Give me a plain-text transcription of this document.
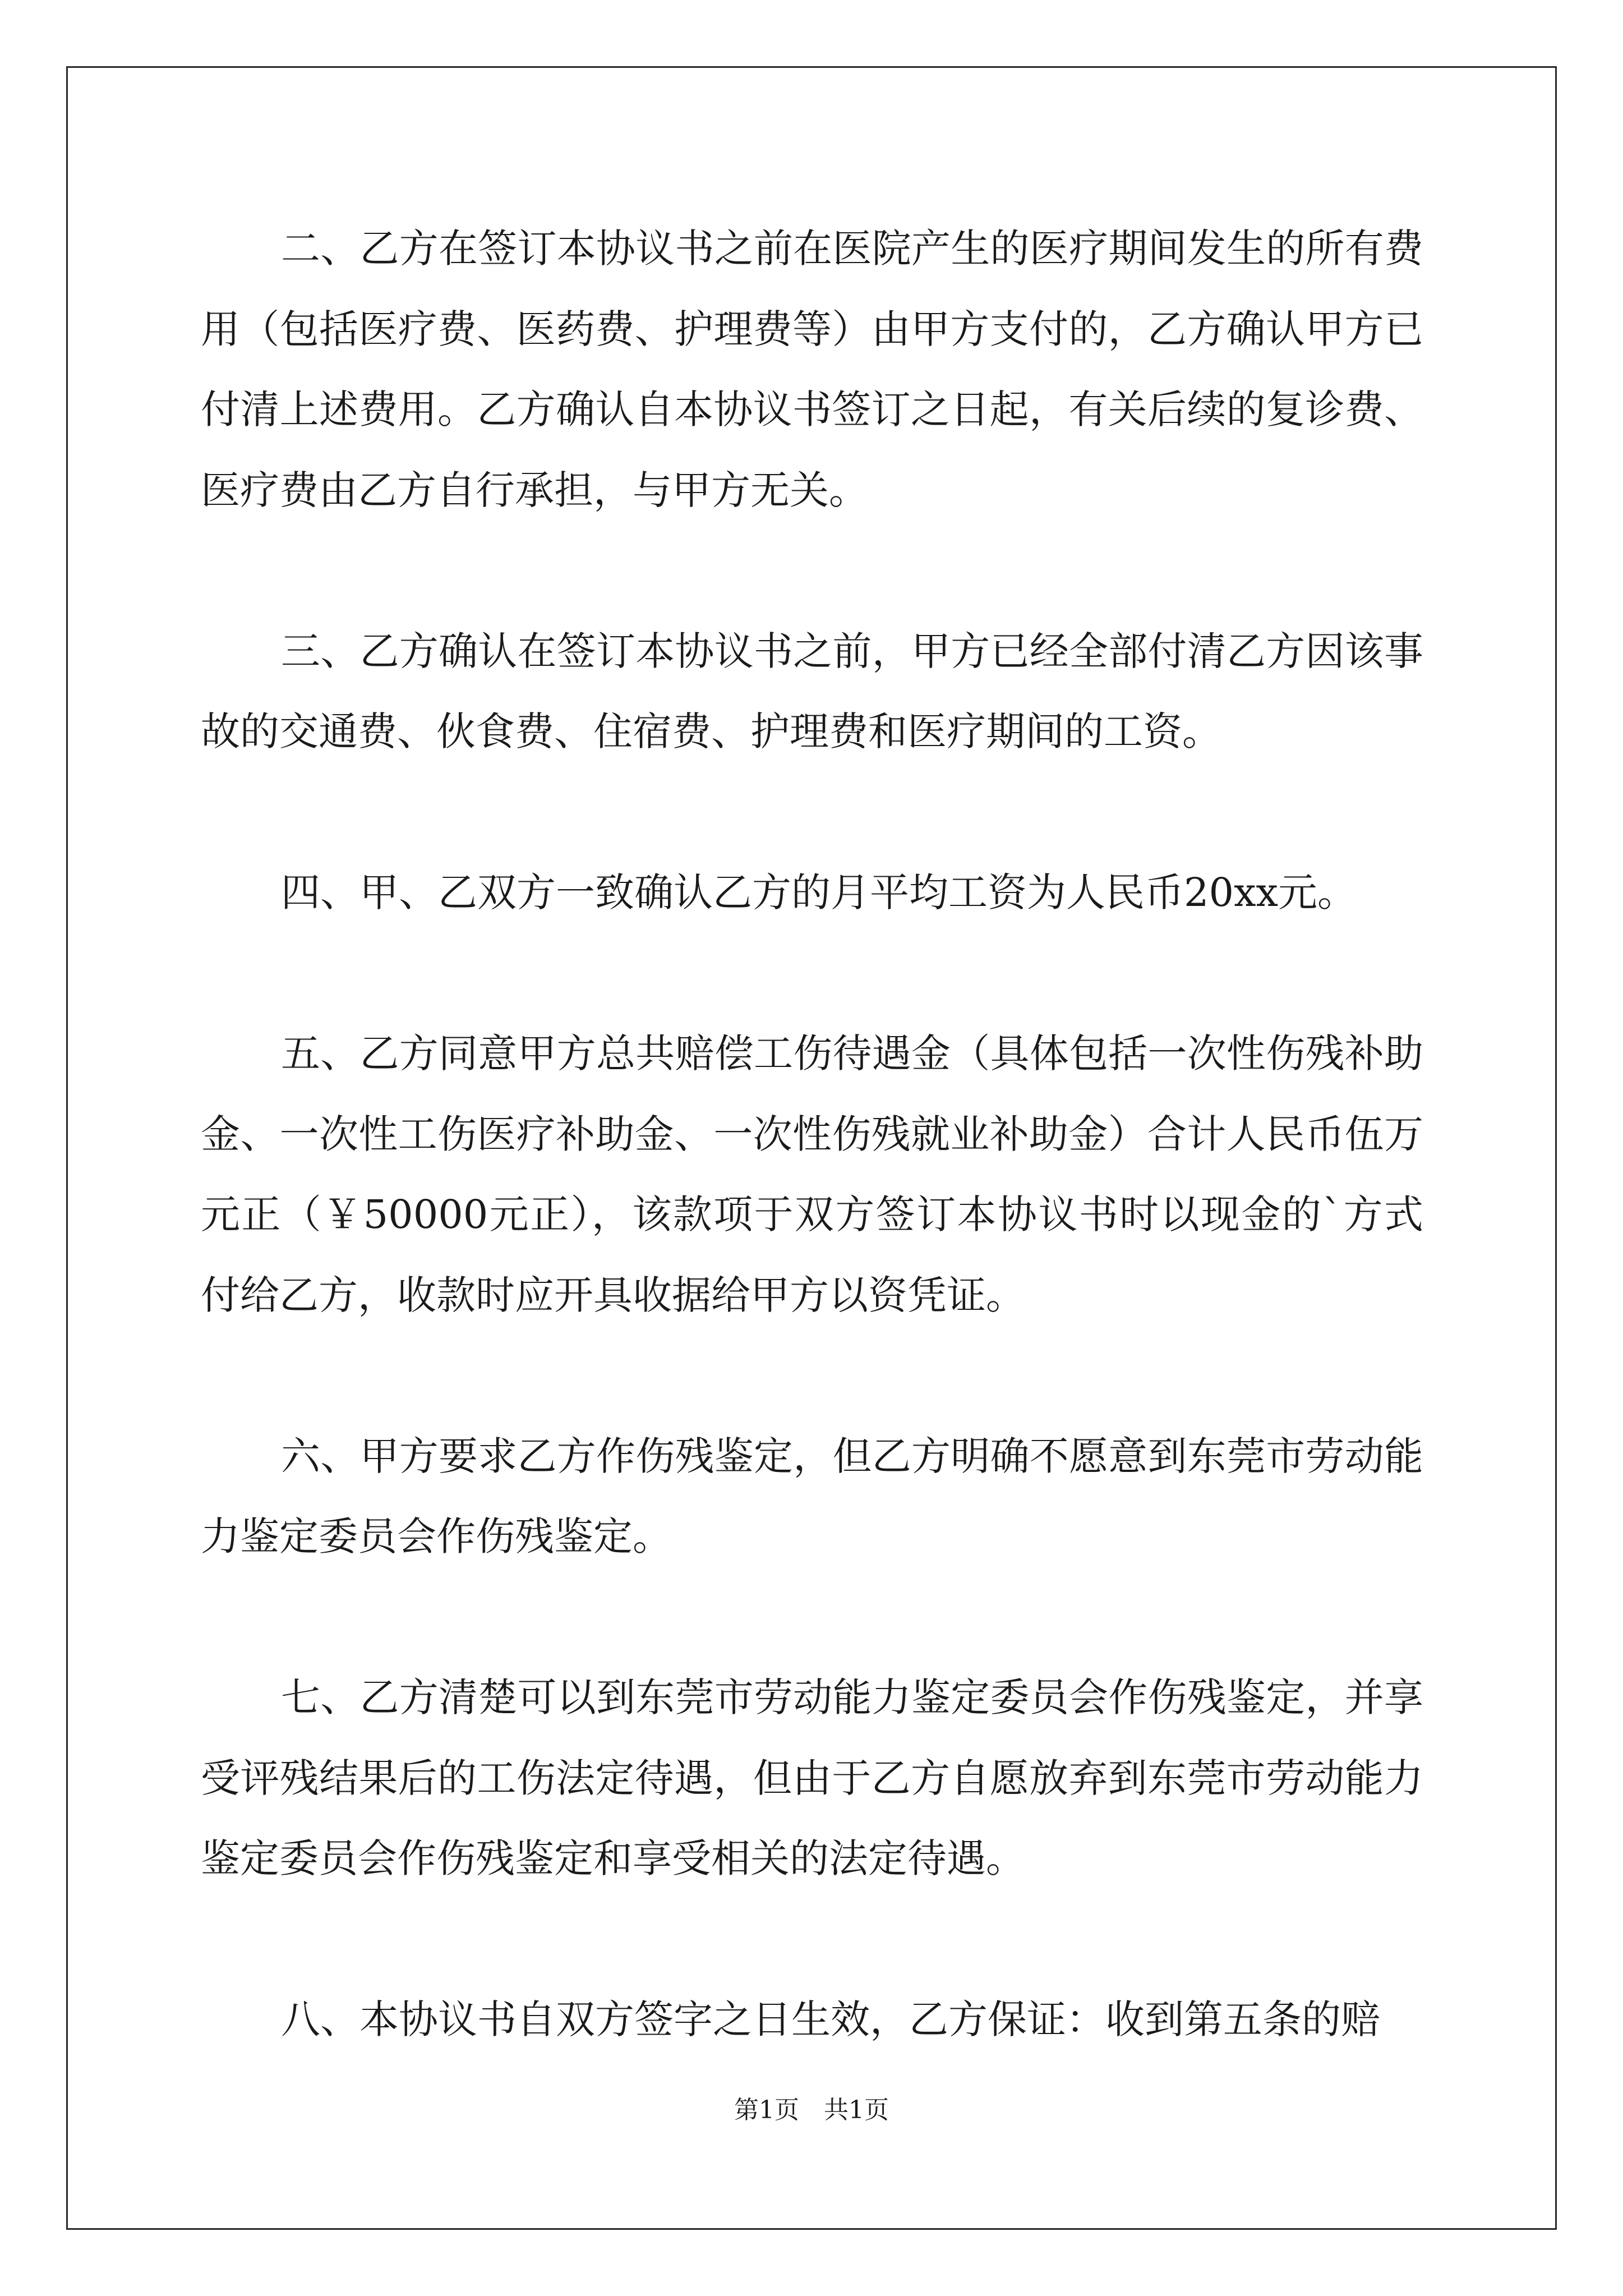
二、乙方在签订本协议书之前在医院产生的医疗期间发生的所有费用（包括医疗费、医药费、护理费等）由甲方支付的，乙方确认甲方已付清上述费用。乙方确认自本协议书签订之日起，有关后续的复诊费、医疗费由乙方自行承担，与甲方无关。

三、乙方确认在签订本协议书之前，甲方已经全部付清乙方因该事故的交通费、伙食费、住宿费、护理费和医疗期间的工资。

四、甲、乙双方一致确认乙方的月平均工资为人民币20xx元。

五、乙方同意甲方总共赔偿工伤待遇金（具体包括一次性伤残补助金、一次性工伤医疗补助金、一次性伤残就业补助金）合计人民币伍万元正（￥50000元正），该款项于双方签订本协议书时以现金的`方式付给乙方，收款时应开具收据给甲方以资凭证。

六、甲方要求乙方作伤残鉴定，但乙方明确不愿意到东莞市劳动能力鉴定委员会作伤残鉴定。

七、乙方清楚可以到东莞市劳动能力鉴定委员会作伤残鉴定，并享受评残结果后的工伤法定待遇，但由于乙方自愿放弃到东莞市劳动能力鉴定委员会作伤残鉴定和享受相关的法定待遇。

八、本协议书自双方签字之日生效，乙方保证：收到第五条的赔

第1页　共1页
